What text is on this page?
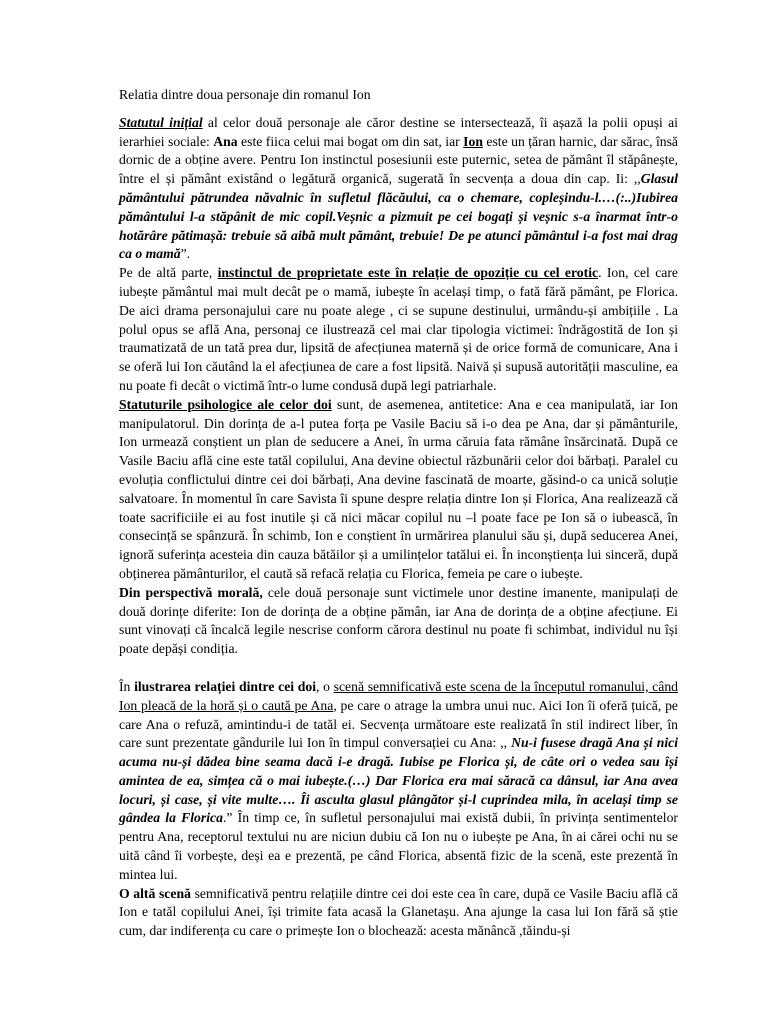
Relatia dintre doua personaje din romanul Ion

Statutul inițial al celor două personaje ale căror destine se intersectează, îi așază la polii opuși ai ierarhiei sociale: Ana este fiica celui mai bogat om din sat, iar Ion este un țăran harnic, dar sărac, însă dornic de a obține avere. Pentru Ion instinctul posesiunii este puternic, setea de pământ îl stăpânește, între el și pământ existând o legătură organică, sugerată în secvența a doua din cap. Ii: ,,Glasul pământului pătrundea năvalnic în sufletul flăcăului, ca o chemare, copleșindu-l.…(:..)Iubirea pământului l-a stăpânit de mic copil.Veșnic a pizmuit pe cei bogați și veșnic s-a înarmat într-o hotărâre pătimașă: trebuie să aibă mult pământ, trebuie! De pe atunci pământul i-a fost mai drag ca o mamă”.

Pe de altă parte, instinctul de proprietate este în relație de opoziție cu cel erotic. Ion, cel care iubește pământul mai mult decât pe o mamă, iubește în același timp, o fată fără pământ, pe Florica. De aici drama personajului care nu poate alege , ci se supune destinului, urmându-și ambițiile . La polul opus se află Ana, personaj ce ilustrează cel mai clar tipologia victimei: îndrăgostită de Ion și traumatizată de un tată prea dur, lipsită de afecțiunea maternă și de orice formă de comunicare, Ana i se oferă lui Ion căutând la el afecțiunea de care a fost lipsită. Naivă și supusă autorității masculine, ea nu poate fi decât o victimă într-o lume condusă după legi patriarhale.

Statuturile psihologice ale celor doi sunt, de asemenea, antitetice: Ana e cea manipulată, iar Ion manipulatorul. Din dorința de a-l putea forța pe Vasile Baciu să i-o dea pe Ana, dar și pământurile, Ion urmează conștient un plan de seducere a Anei, în urma căruia fata rămâne însărcinată. După ce Vasile Baciu află cine este tatăl copilului, Ana devine obiectul răzbunării celor doi bărbați. Paralel cu evoluția conflictului dintre cei doi bărbați, Ana devine fascinată de moarte, găsind-o ca unică soluție salvatoare. În momentul în care Savista îi spune despre relația dintre Ion și Florica, Ana realizează că toate sacrificiile ei au fost inutile și că nici măcar copilul nu –l poate face pe Ion să o iubească, în consecință se spânzură. În schimb, Ion e conștient în urmărirea planului său și, după seducerea Anei, ignoră suferința acesteia din cauza bătăilor și a umilințelor tatălui ei. În inconștiența lui sinceră, după obținerea pământurilor, el caută să refacă relația cu Florica, femeia pe care o iubește.

Din perspectivă morală, cele două personaje sunt victimele unor destine imanente, manipulați de două dorințe diferite: Ion de dorința de a obține pămân, iar Ana de dorința de a obține afecțiune. Ei sunt vinovați că încalcă legile nescrise conform cărora destinul nu poate fi schimbat, individul nu își poate depăși condiția.

În ilustrarea relației dintre cei doi, o scenă semnificativă este scena de la începutul romanului, când Ion pleacă de la horă și o caută pe Ana, pe care o atrage la umbra unui nuc. Aici Ion îi oferă țuică, pe care Ana o refuză, amintindu-i de tatăl ei. Secvența următoare este realizată în stil indirect liber, în care sunt prezentate gândurile lui Ion în timpul conversației cu Ana: ,, Nu-i fusese dragă Ana și nici acuma nu-și dădea bine seama dacă i-e dragă. Iubise pe Florica și, de câte ori o vedea sau își amintea de ea, simțea că o mai iubește.(…) Dar Florica era mai săracă ca dânsul, iar Ana avea locuri, și case, și vite multe…. Îi asculta glasul plângător și-l cuprindea mila, în același timp se gândea la Florica.” În timp ce, în sufletul personajului mai există dubii, în privința sentimentelor pentru Ana, receptorul textului nu are niciun dubiu că Ion nu o iubește pe Ana, în ai cărei ochi nu se uită când îi vorbește, deși ea e prezentă, pe când Florica, absentă fizic de la scenă, este prezentă în mintea lui.

O altă scenă semnificativă pentru relațiile dintre cei doi este cea în care, după ce Vasile Baciu află că Ion e tatăl copilului Anei, își trimite fata acasă la Glanetașu. Ana ajunge la casa lui Ion fără să știe cum, dar indiferența cu care o primește Ion o blochează: acesta mănâncă ,tăindu-și
